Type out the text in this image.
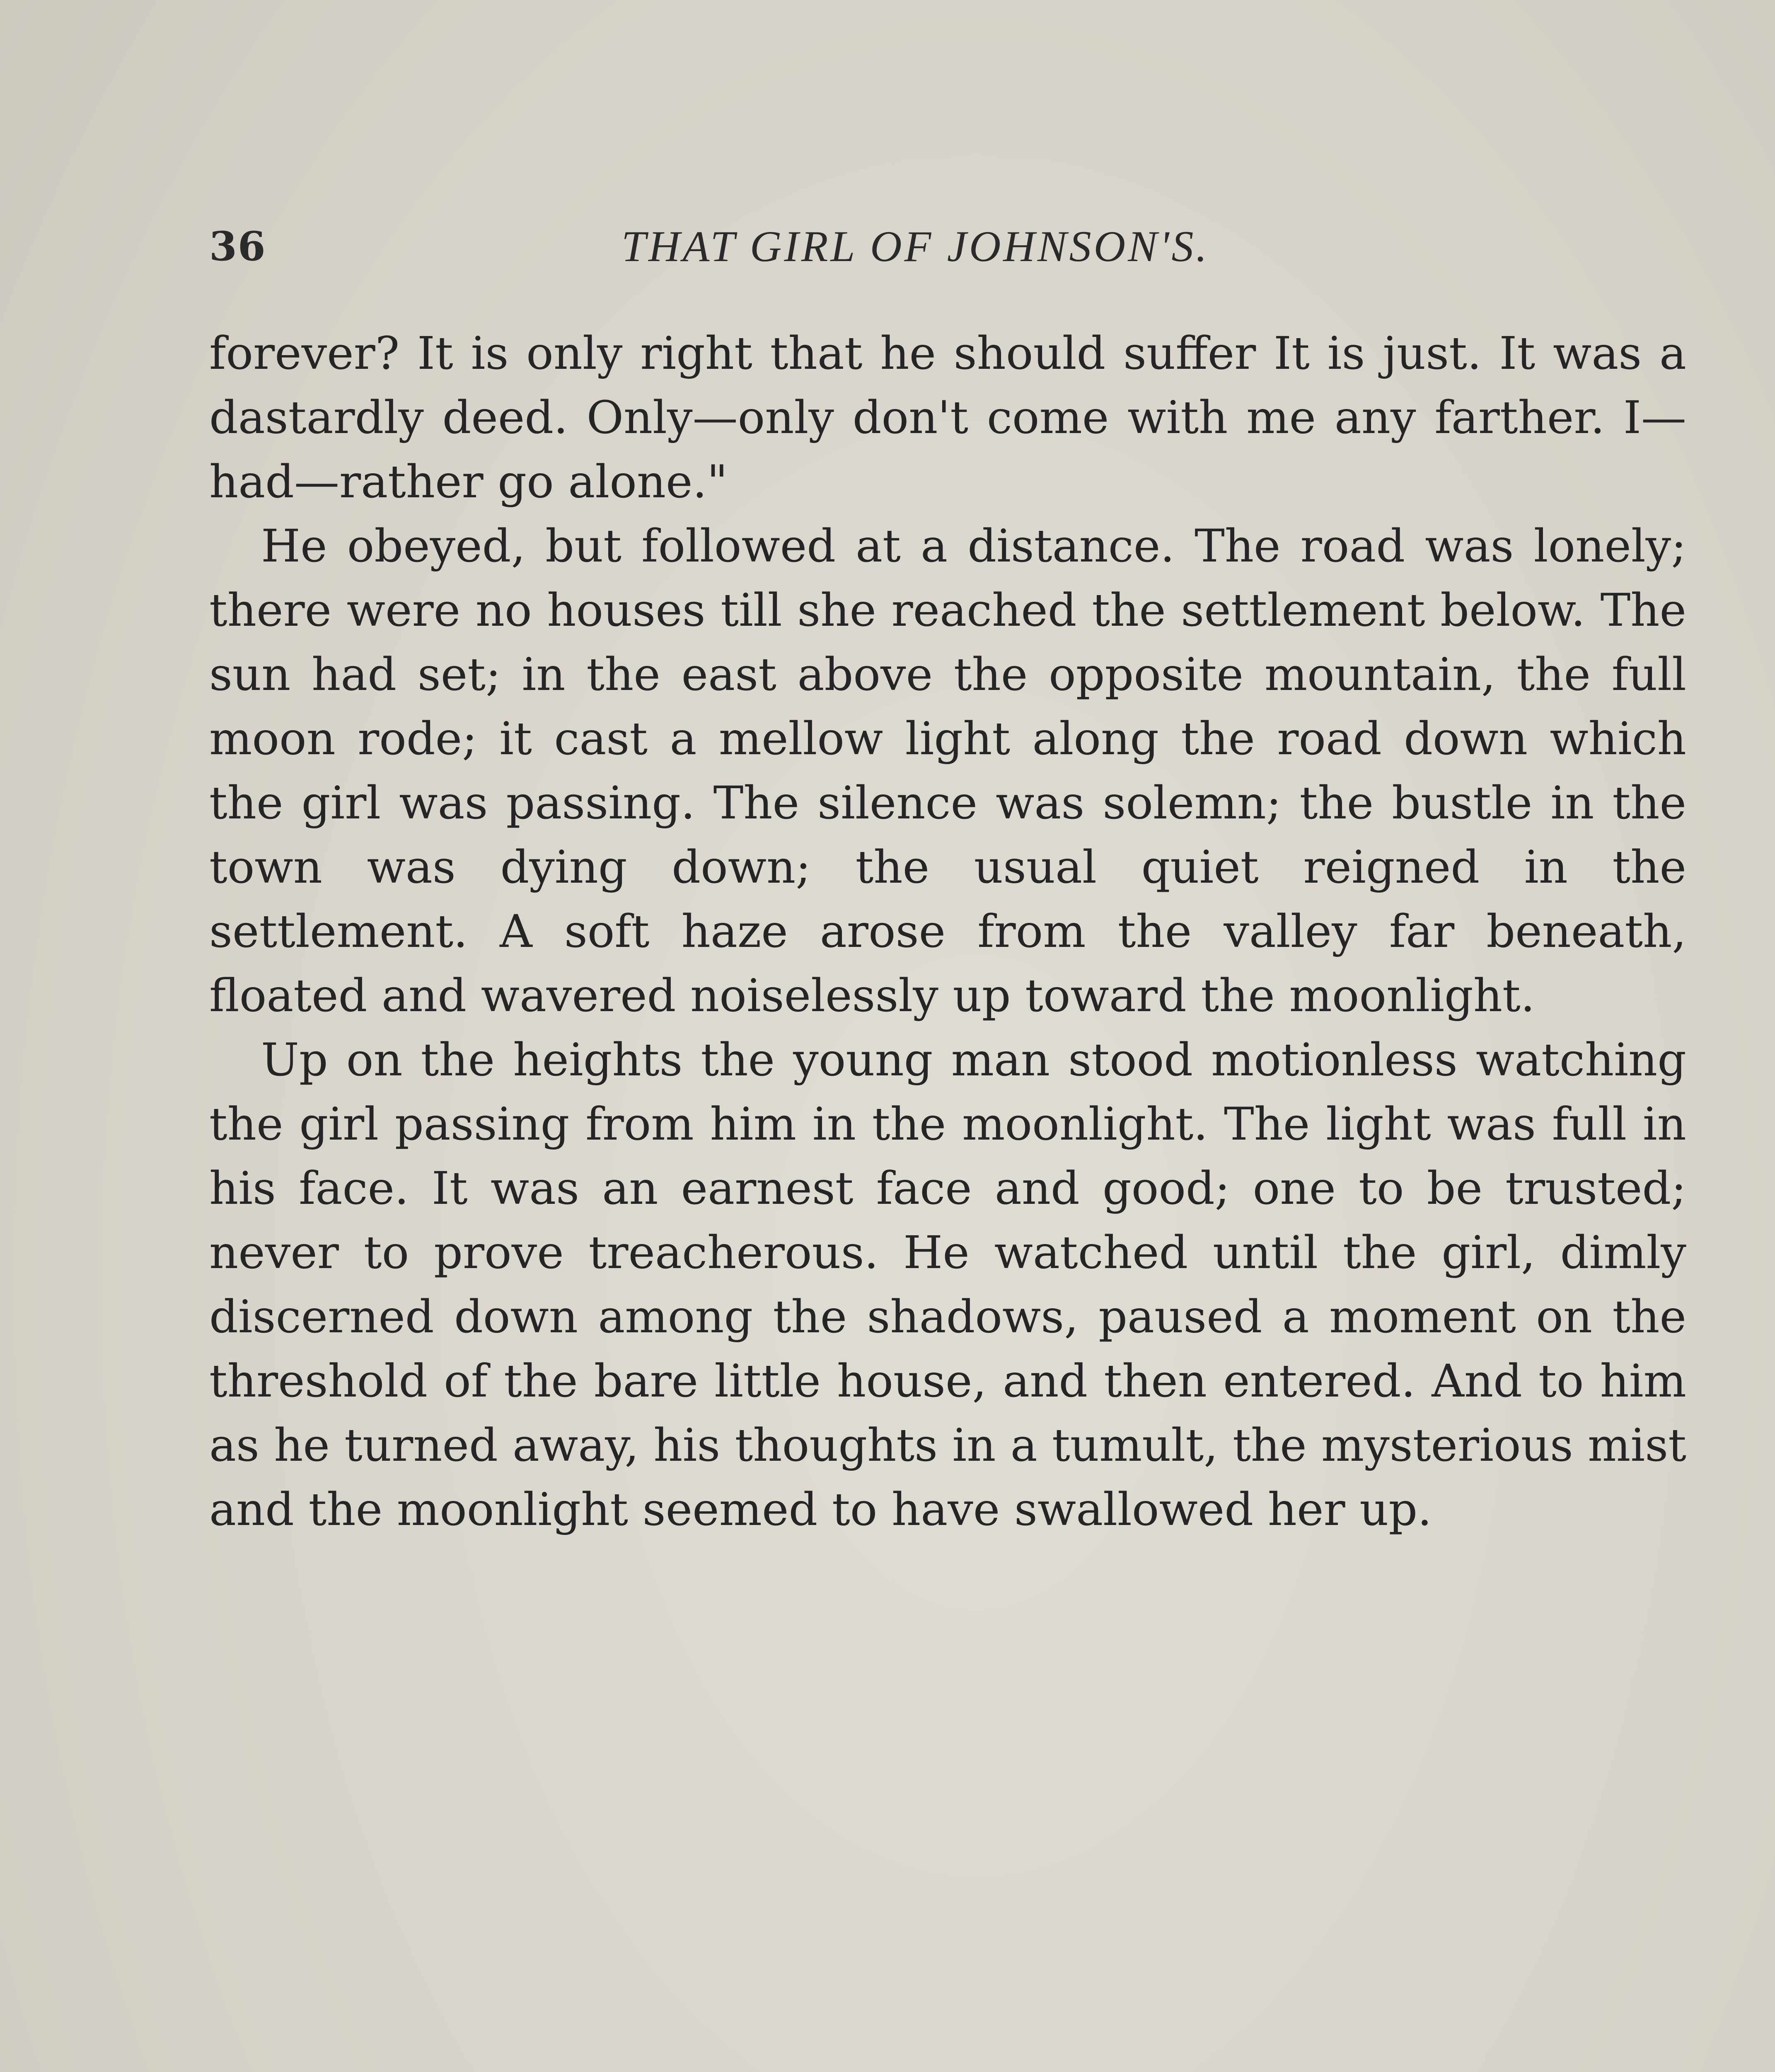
36	THAT GIRL OF JOHNSON'S.

forever? It is only right that he should suffer It is just. It was a dastardly deed. Only—only don't come with me any farther. I—had—rather go alone."

He obeyed, but followed at a distance. The road was lonely; there were no houses till she reached the settlement below. The sun had set; in the east above the opposite mountain, the full moon rode; it cast a mellow light along the road down which the girl was passing. The silence was solemn; the bustle in the town was dying down; the usual quiet reigned in the settlement. A soft haze arose from the valley far beneath, floated and wavered noiselessly up toward the moonlight.

Up on the heights the young man stood motionless watching the girl passing from him in the moonlight. The light was full in his face. It was an earnest face and good; one to be trusted; never to prove treacherous. He watched until the girl, dimly discerned down among the shadows, paused a moment on the threshold of the bare little house, and then entered. And to him as he turned away, his thoughts in a tumult, the mysterious mist and the moonlight seemed to have swallowed her up.
